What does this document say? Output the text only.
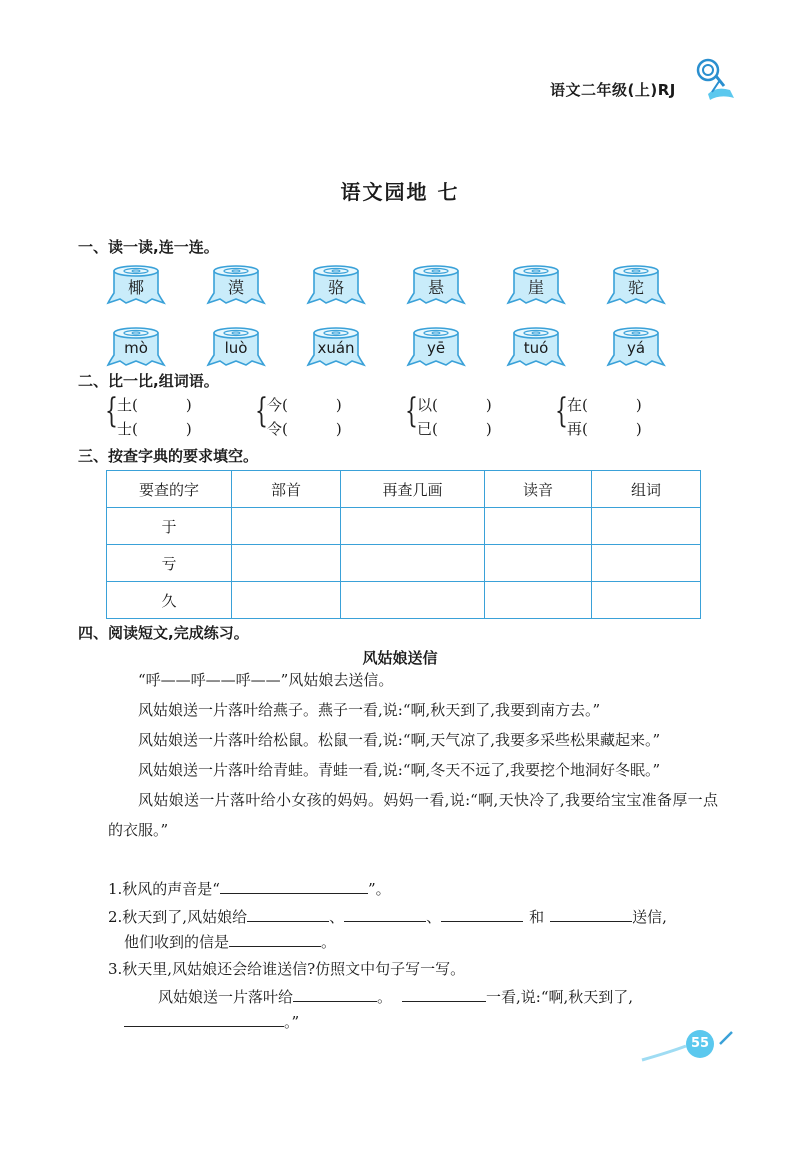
语文二年级(上)RJ
语文园地 七
一、读一读,连一连。
椰	漠	骆	悬	崖	驼
mò	luò	xuán	yē	tuó	yá
二、比一比,组词语。
{ 土(	)
士(	) { 今(	)
令(	) { 以(	)
已(	) { 在(	)
再(	)
三、按查字典的要求填空。
要查的字	部首	再查几画	读音	组词
于				
亏				
久				
四、阅读短文,完成练习。
风姑娘送信

“呼——呼——呼——”风姑娘去送信。

风姑娘送一片落叶给燕子。燕子一看,说:“啊,秋天到了,我要到南方去。”

风姑娘送一片落叶给松鼠。松鼠一看,说:“啊,天气凉了,我要多采些松果藏起来。”

风姑娘送一片落叶给青蛙。青蛙一看,说:“啊,冬天不远了,我要挖个地洞好冬眠。”

风姑娘送一片落叶给小女孩的妈妈。妈妈一看,说:“啊,天快冷了,我要给宝宝准备厚一点的衣服。”

1.秋风的声音是“	”。
2.秋天到了,风姑娘给	、	、	和	送信,
他们收到的信是	。
3.秋天里,风姑娘还会给谁送信?仿照文中句子写一写。
风姑娘送一片落叶给	。	一看,说:“啊,秋天到了,
。”
55
